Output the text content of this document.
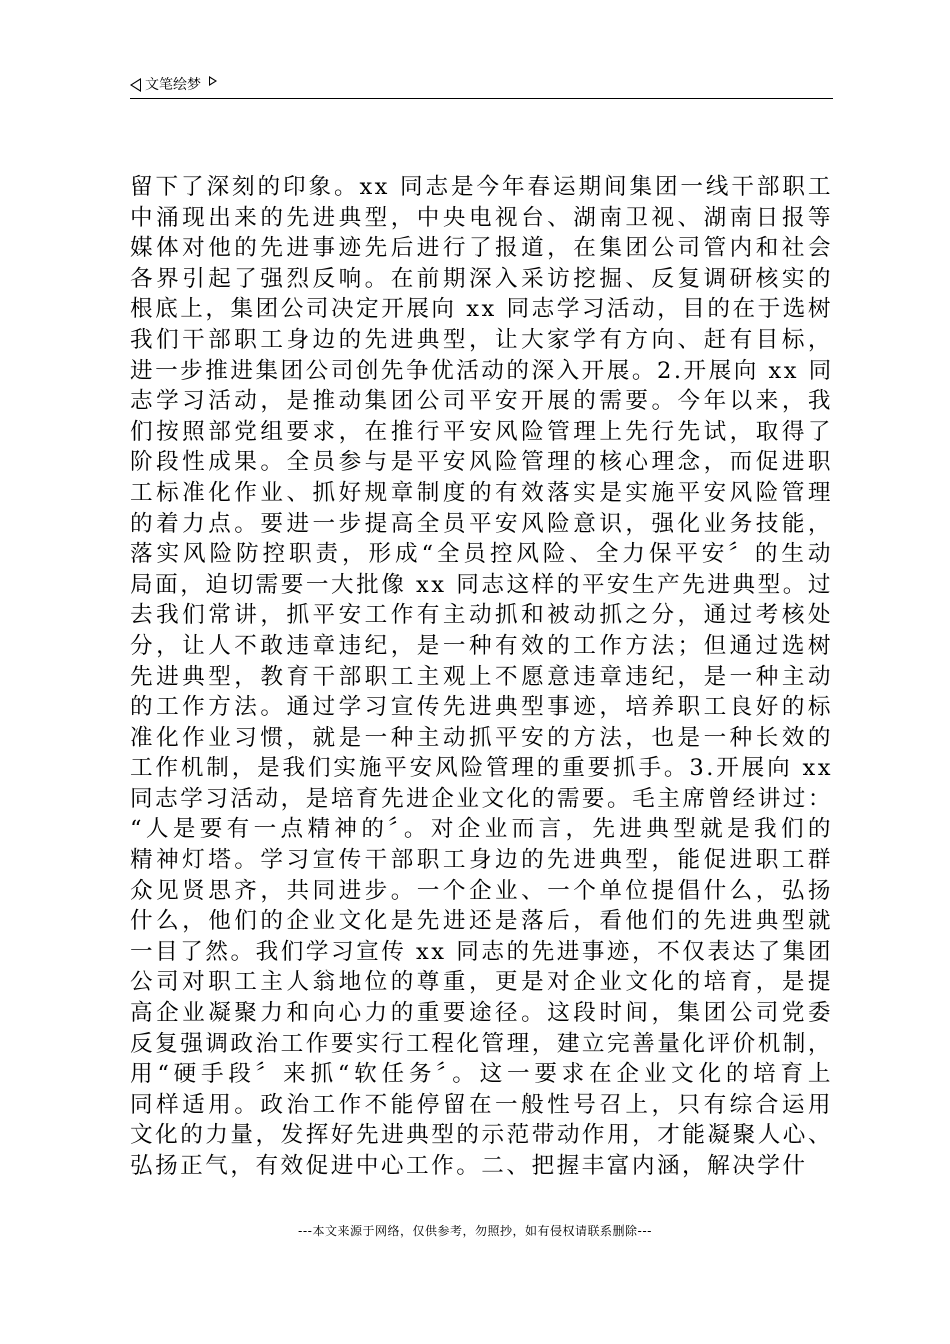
文笔绘梦
留下了深刻的印象。xx 同志是今年春运期间集团一线干部职工
中涌现出来的先进典型，中央电视台、湖南卫视、湖南日报等
媒体对他的先进事迹先后进行了报道，在集团公司管内和社会
各界引起了强烈反响。在前期深入采访挖掘、反复调研核实的
根底上，集团公司决定开展向 xx 同志学习活动，目的在于选树
我们干部职工身边的先进典型，让大家学有方向、赶有目标，
进一步推进集团公司创先争优活动的深入开展。2.开展向 xx 同
志学习活动，是推动集团公司平安开展的需要。今年以来，我
们按照部党组要求，在推行平安风险管理上先行先试，取得了
阶段性成果。全员参与是平安风险管理的核心理念，而促进职
工标准化作业、抓好规章制度的有效落实是实施平安风险管理
的着力点。要进一步提高全员平安风险意识，强化业务技能，
落实风险防控职责，形成“全员控风险、全力保平安〞的生动
局面，迫切需要一大批像 xx 同志这样的平安生产先进典型。过
去我们常讲，抓平安工作有主动抓和被动抓之分，通过考核处
分，让人不敢违章违纪，是一种有效的工作方法；但通过选树
先进典型，教育干部职工主观上不愿意违章违纪，是一种主动
的工作方法。通过学习宣传先进典型事迹，培养职工良好的标
准化作业习惯，就是一种主动抓平安的方法，也是一种长效的
工作机制，是我们实施平安风险管理的重要抓手。3.开展向 xx
同志学习活动，是培育先进企业文化的需要。毛主席曾经讲过：
“人是要有一点精神的〞。对企业而言，先进典型就是我们的
精神灯塔。学习宣传干部职工身边的先进典型，能促进职工群
众见贤思齐，共同进步。一个企业、一个单位提倡什么，弘扬
什么，他们的企业文化是先进还是落后，看他们的先进典型就
一目了然。我们学习宣传 xx 同志的先进事迹，不仅表达了集团
公司对职工主人翁地位的尊重，更是对企业文化的培育，是提
高企业凝聚力和向心力的重要途径。这段时间，集团公司党委
反复强调政治工作要实行工程化管理，建立完善量化评价机制，
用“硬手段〞来抓“软任务〞。这一要求在企业文化的培育上
同样适用。政治工作不能停留在一般性号召上，只有综合运用
文化的力量，发挥好先进典型的示范带动作用，才能凝聚人心、
弘扬正气，有效促进中心工作。二、把握丰富内涵，解决学什
---本文来源于网络，仅供参考，勿照抄，如有侵权请联系删除---
